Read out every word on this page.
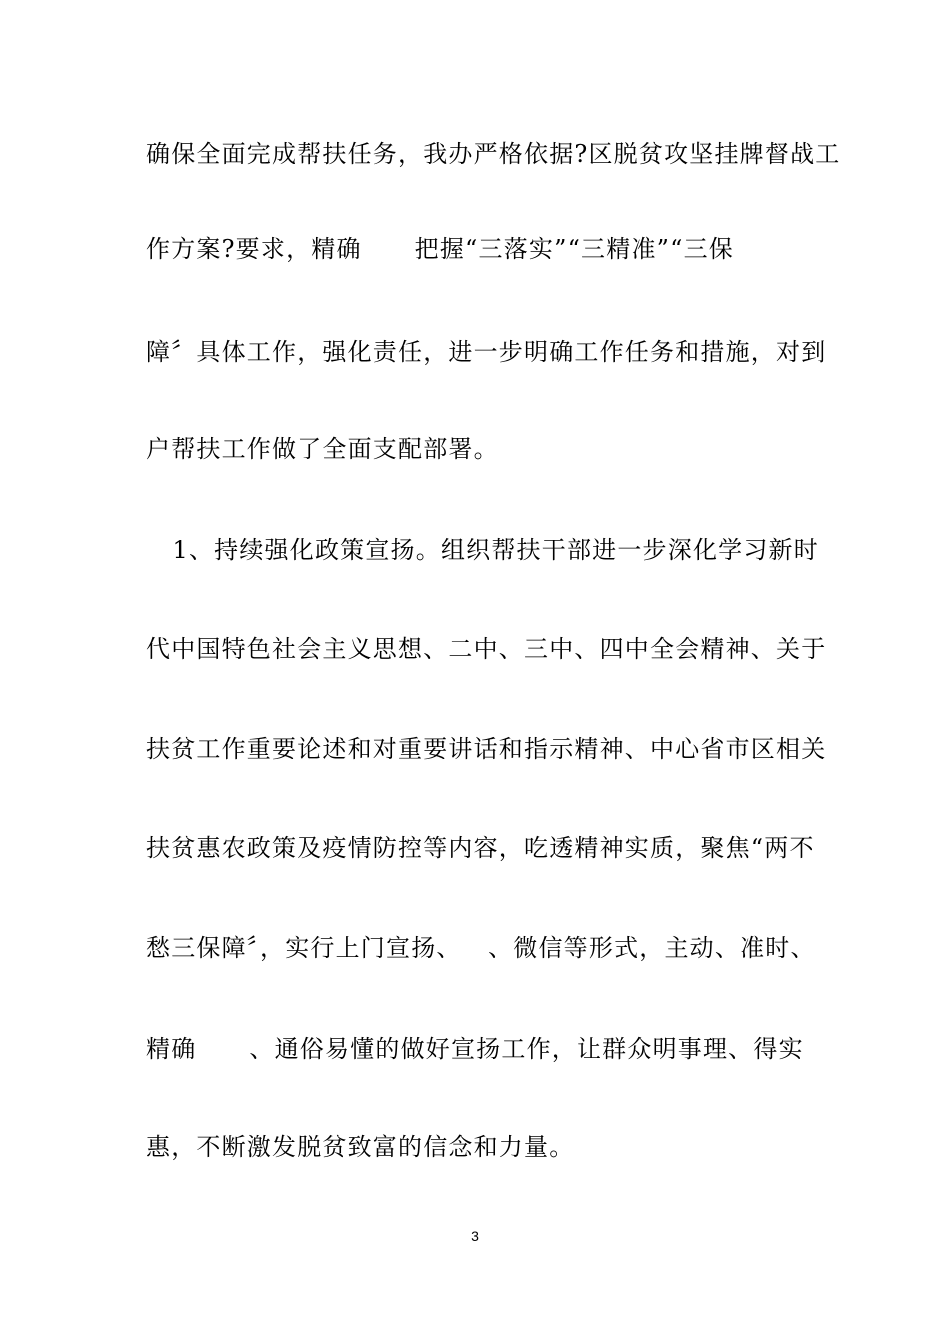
确保全面完成帮扶任务，我办严格依据?区脱贫攻坚挂牌督战工
作方案?要求，精确      把握“三落实”“三精准”“三保
障〞具体工作，强化责任，进一步明确工作任务和措施，对到
户帮扶工作做了全面支配部署。
1、持续强化政策宣扬。组织帮扶干部进一步深化学习新时
代中国特色社会主义思想、二中、三中、四中全会精神、关于
扶贫工作重要论述和对重要讲话和指示精神、中心省市区相关
扶贫惠农政策及疫情防控等内容，吃透精神实质，聚焦“两不
愁三保障〞，实行上门宣扬、   、微信等形式，主动、准时、
精确      、通俗易懂的做好宣扬工作，让群众明事理、得实
惠，不断激发脱贫致富的信念和力量。
3
